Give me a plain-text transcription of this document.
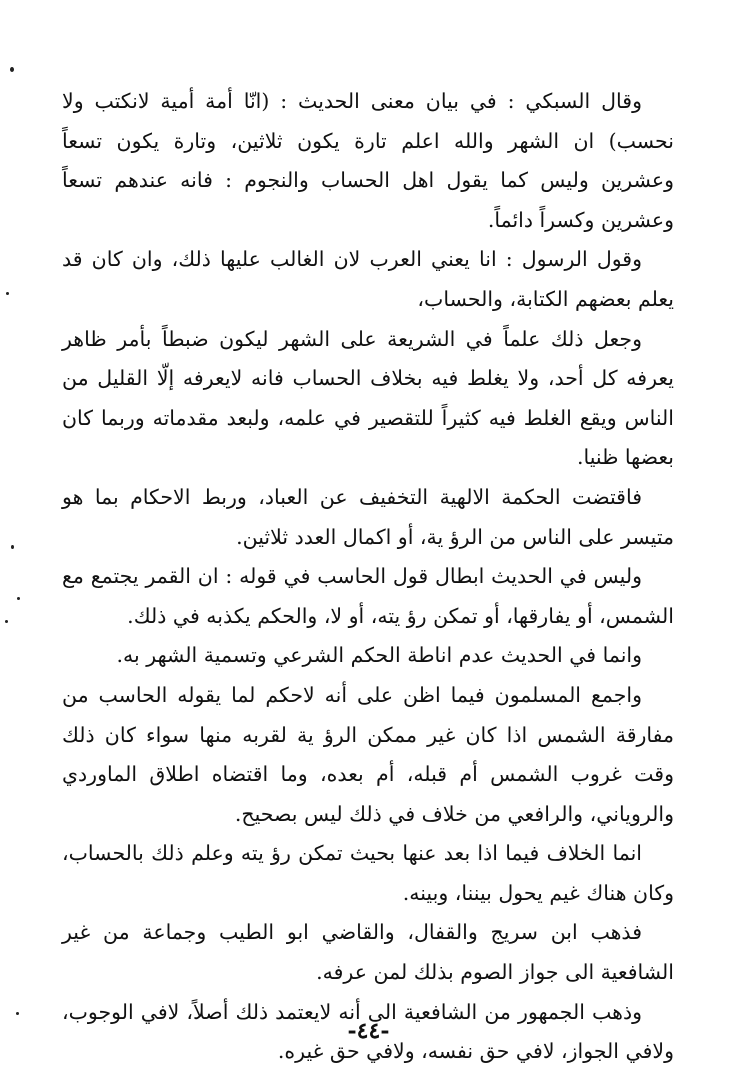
وقال السبكي : في بيان معنى الحديث : (انّا أمة أمية لانكتب ولا نحسب) ان الشهر والله اعلم تارة يكون ثلاثين، وتارة يكون تسعاً وعشرين وليس كما يقول اهل الحساب والنجوم : فانه عندهم تسعاً وعشرين وكسراً دائماً.

وقول الرسول : انا يعني العرب لان الغالب عليها ذلك، وان كان قد يعلم بعضهم الكتابة، والحساب،

وجعل ذلك علماً في الشريعة على الشهر ليكون ضبطاً بأمر ظاهر يعرفه كل أحد، ولا يغلط فيه بخلاف الحساب فانه لايعرفه إلّا القليل من الناس ويقع الغلط فيه كثيراً للتقصير في علمه، ولبعد مقدماته وربما كان بعضها ظنيا.

فاقتضت الحكمة الالهية التخفيف عن العباد، وربط الاحكام بما هو متيسر على الناس من الرؤ ية، أو اكمال العدد ثلاثين.

وليس في الحديث ابطال قول الحاسب في قوله : ان القمر يجتمع مع الشمس، أو يفارقها، أو تمكن رؤ يته، أو لا، والحكم يكذبه في ذلك.

وانما في الحديث عدم اناطة الحكم الشرعي وتسمية الشهر به.

واجمع المسلمون فيما اظن على أنه لاحكم لما يقوله الحاسب من مفارقة الشمس اذا كان غير ممكن الرؤ ية لقربه منها سواء كان ذلك وقت غروب الشمس أم قبله، أم بعده، وما اقتضاه اطلاق الماوردي والروياني، والرافعي من خلاف في ذلك ليس بصحيح.

انما الخلاف فيما اذا بعد عنها بحيث تمكن رؤ يته وعلم ذلك بالحساب، وكان هناك غيم يحول بيننا، وبينه.

فذهب ابن سريج والقفال، والقاضي ابو الطيب وجماعة من غير الشافعية الى جواز الصوم بذلك لمن عرفه.

وذهب الجمهور من الشافعية الى أنه لايعتمد ذلك أصلاً، لافي الوجوب، ولافي الجواز، لافي حق نفسه، ولافي حق غيره.

-٤٤-
